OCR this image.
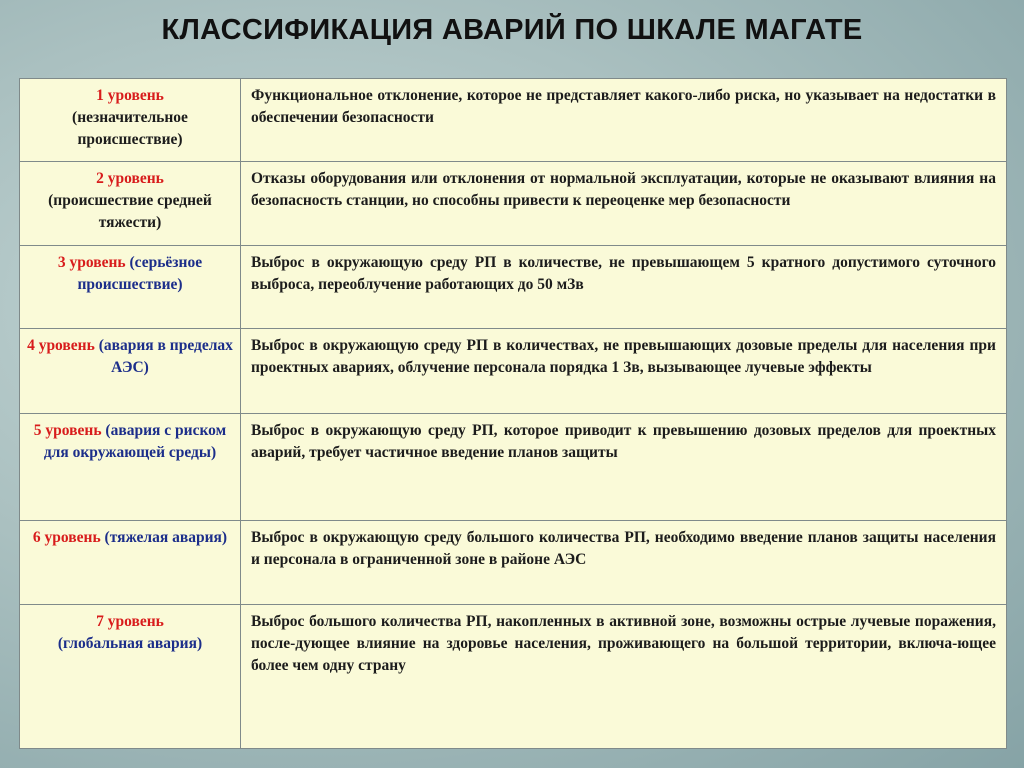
КЛАССИФИКАЦИЯ АВАРИЙ ПО ШКАЛЕ МАГАТЕ
1 уровень
(незначительное происшествие)	Функциональное отклонение, которое не представляет какого-либо риска, но указывает на недостатки в обеспечении безопасности
2 уровень
(происшествие средней тяжести)	Отказы оборудования или отклонения от нормальной эксплуатации, которые не оказывают влияния на безопасность станции, но способны привести к переоценке мер безопасности
3 уровень (серьёзное происшествие)	Выброс в окружающую среду РП в количестве, не превышающем 5 кратного допустимого суточного выброса, переоблучение работающих до 50 мЗв
4 уровень (авария в пределах АЭС)	Выброс в окружающую среду РП в количествах, не превышающих дозовые пределы для населения при проектных авариях, облучение персонала порядка 1 Зв, вызывающее лучевые эффекты
5 уровень (авария с риском для окружающей среды)	Выброс в окружающую среду РП, которое приводит к превышению дозовых пределов для проектных аварий, требует частичное введение планов защиты
6 уровень (тяжелая авария)	Выброс в окружающую среду большого количества РП, необходимо введение планов защиты населения и персонала в ограниченной зоне в районе АЭС
7 уровень
(глобальная авария)	Выброс большого количества РП, накопленных в активной зоне, возможны острые лучевые поражения, после-дующее влияние на здоровье населения, проживающего на большой территории, включа-ющее более чем одну страну
